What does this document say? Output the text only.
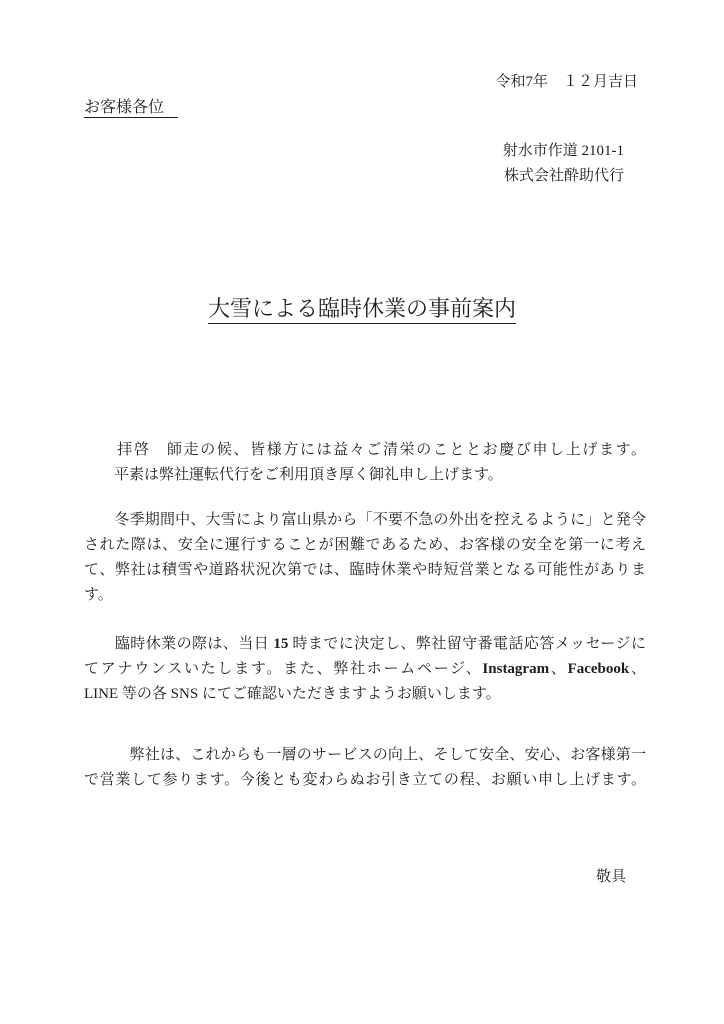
令和7年　１２月吉日
お客様各位
射水市作道 2101-1
株式会社酔助代行
大雪による臨時休業の事前案内
　　拝啓　師走の候、皆様方には益々ご清栄のこととお慶び申し上げます。
　　平素は弊社運転代行をご利用頂き厚く御礼申し上げます。
　　冬季期間中、大雪により富山県から「不要不急の外出を控えるように」と発令
された際は、安全に運行することが困難であるため、お客様の安全を第一に考え
て、弊社は積雪や道路状況次第では、臨時休業や時短営業となる可能性がありま
す。
　　臨時休業の際は、当日 15 時までに決定し、弊社留守番電話応答メッセージに
てアナウンスいたします。また、弊社ホームページ、Instagram、Facebook、
LINE 等の各 SNS にてご確認いただきますようお願いします。
　　　弊社は、これからも一層のサービスの向上、そして安全、安心、お客様第一
で営業して参ります。今後とも変わらぬお引き立ての程、お願い申し上げます。
敬具
